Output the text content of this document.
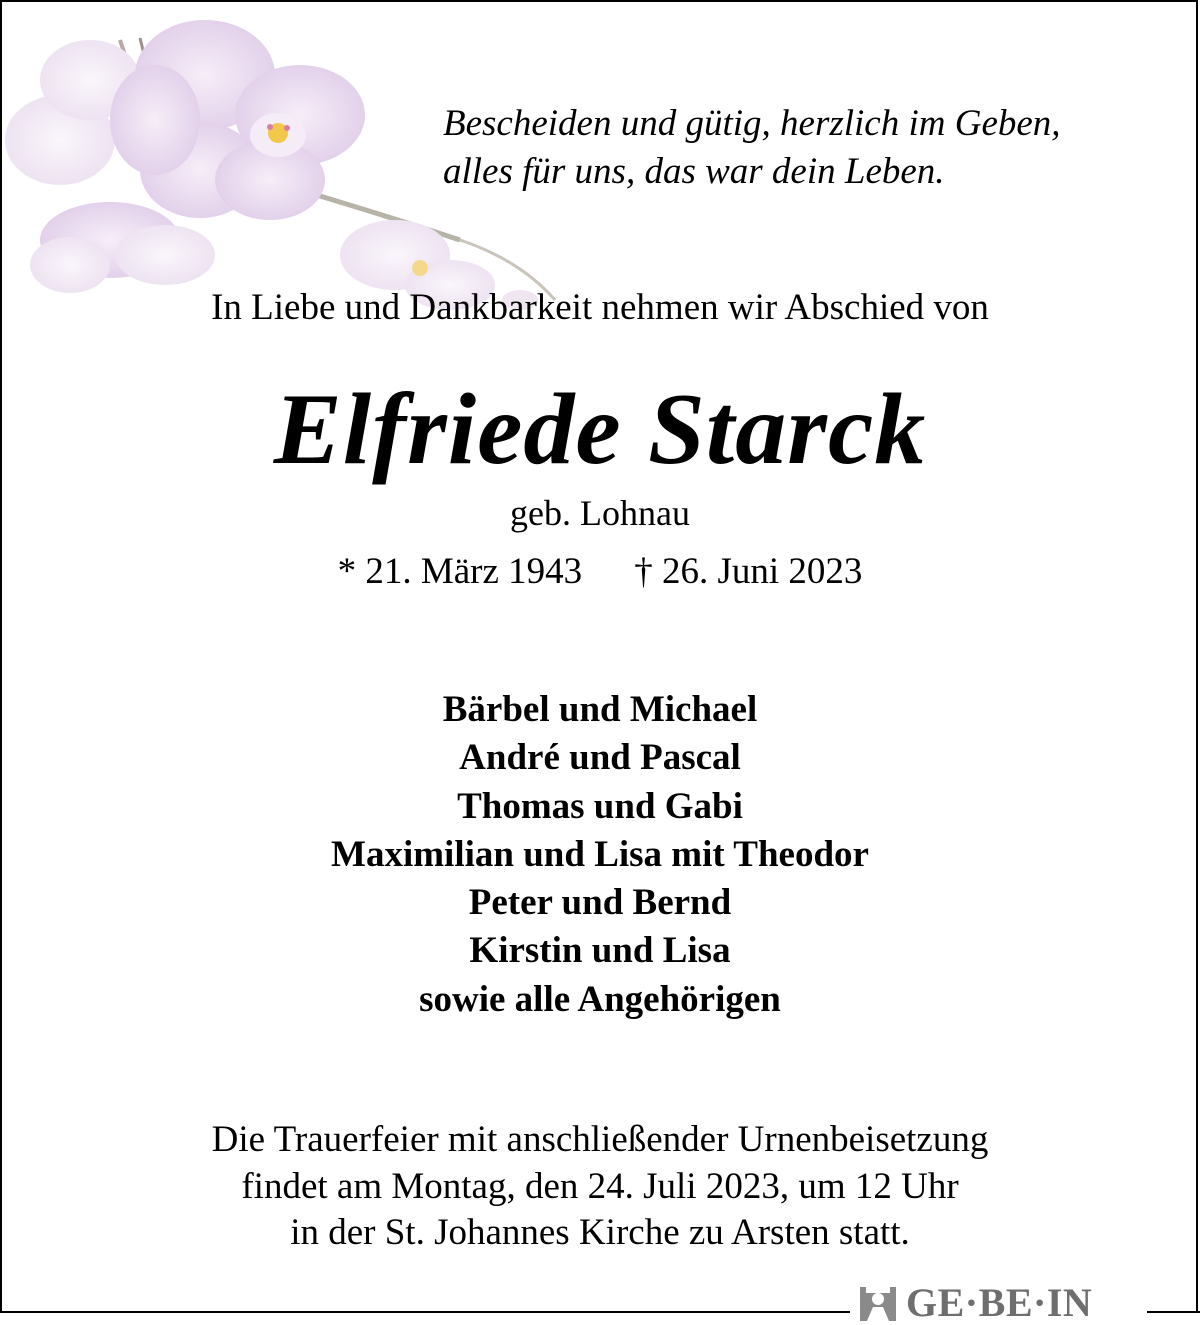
Bescheiden und gütig, herzlich im Geben,
alles für uns, das war dein Leben.
In Liebe und Dankbarkeit nehmen wir Abschied von
Elfriede Starck
geb. Lohnau
* 21. März 1943 † 26. Juni 2023
Bärbel und Michael
André und Pascal
Thomas und Gabi
Maximilian und Lisa mit Theodor
Peter und Bernd
Kirstin und Lisa
sowie alle Angehörigen
Die Trauerfeier mit anschließender Urnenbeisetzung
findet am Montag, den 24. Juli 2023, um 12 Uhr
in der St. Johannes Kirche zu Arsten statt.
GE·BE·IN
